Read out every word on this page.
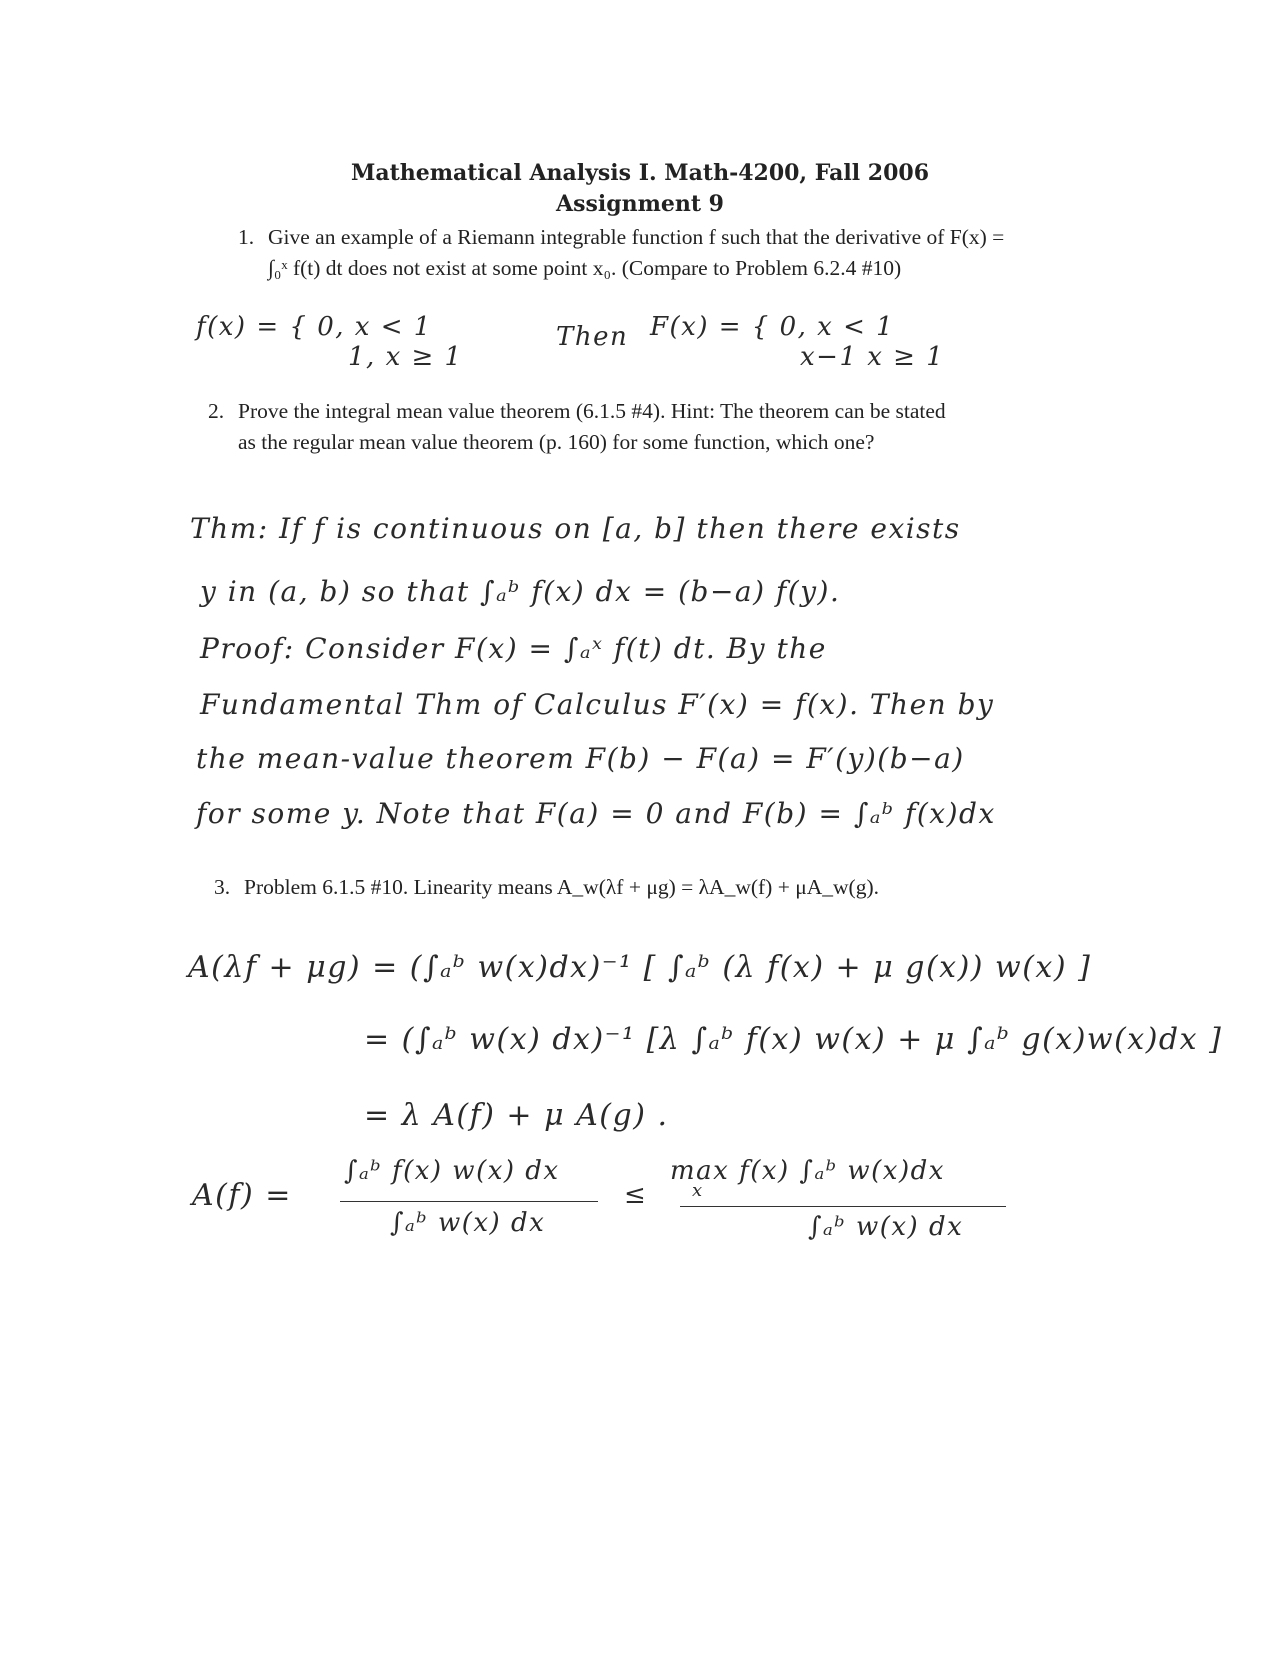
Mathematical Analysis I. Math-4200, Fall 2006
Assignment 9
1. Give an example of a Riemann integrable function f such that the derivative of F(x) =
∫₀ˣ f(t) dt does not exist at some point x₀. (Compare to Problem 6.2.4 #10)
f(x) = { 0, x < 1
1, x ≥ 1
Then F(x) = { 0, x < 1
x−1 x ≥ 1
2. Prove the integral mean value theorem (6.1.5 #4). Hint: The theorem can be stated
as the regular mean value theorem (p. 160) for some function, which one?
Thm: If f is continuous on [a, b] then there exists
y in (a, b) so that ∫ₐᵇ f(x) dx = (b−a) f(y).
Proof: Consider F(x) = ∫ₐˣ f(t) dt. By the
Fundamental Thm of Calculus F′(x) = f(x). Then by
the mean-value theorem F(b) − F(a) = F′(y)(b−a)
for some y. Note that F(a) = 0 and F(b) = ∫ₐᵇ f(x)dx
3. Problem 6.1.5 #10. Linearity means A_w(λf + μg) = λA_w(f) + μA_w(g).
A(λf + μg) = (∫ₐᵇ w(x)dx)⁻¹ [ ∫ₐᵇ (λ f(x) + μ g(x)) w(x) ]
= (∫ₐᵇ w(x) dx)⁻¹ [λ ∫ₐᵇ f(x) w(x) + μ ∫ₐᵇ g(x)w(x)dx ]
= λ A(f) + μ A(g) .
A(f) =
∫ₐᵇ f(x) w(x) dx
∫ₐᵇ w(x) dx
≤
max f(x) ∫ₐᵇ w(x)dx
x
∫ₐᵇ w(x) dx
